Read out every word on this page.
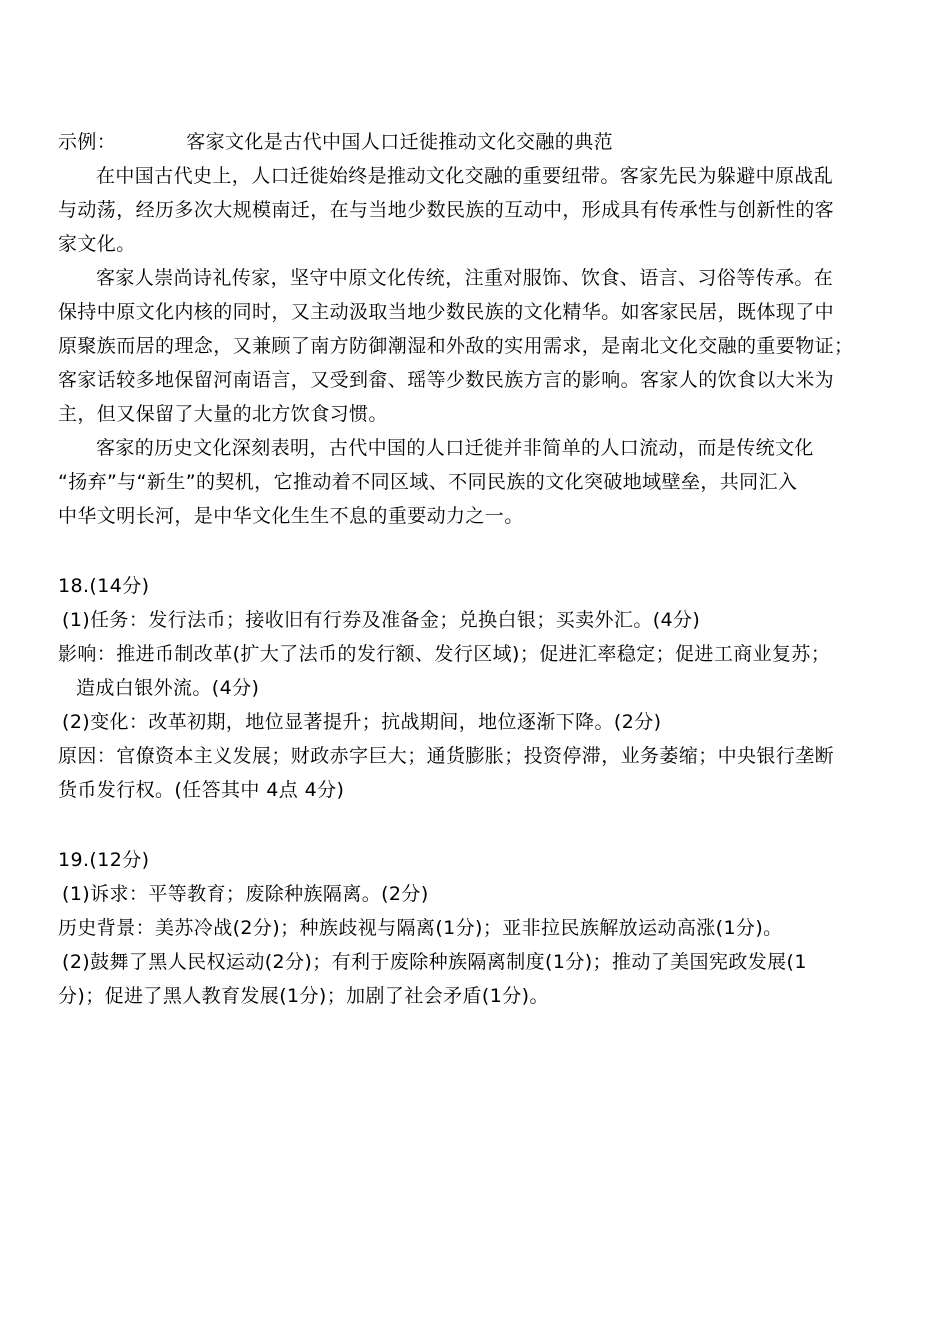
示例：	客家文化是古代中国人口迁徙推动文化交融的典范
在中国古代史上，人口迁徙始终是推动文化交融的重要纽带。客家先民为躲避中原战乱
与动荡，经历多次大规模南迁，在与当地少数民族的互动中，形成具有传承性与创新性的客
家文化。
客家人崇尚诗礼传家，坚守中原文化传统，注重对服饰、饮食、语言、习俗等传承。在
保持中原文化内核的同时，又主动汲取当地少数民族的文化精华。如客家民居，既体现了中
原聚族而居的理念，又兼顾了南方防御潮湿和外敌的实用需求，是南北文化交融的重要物证；
客家话较多地保留河南语言，又受到畲、瑶等少数民族方言的影响。客家人的饮食以大米为
主，但又保留了大量的北方饮食习惯。
客家的历史文化深刻表明，古代中国的人口迁徙并非简单的人口流动，而是传统文化
“扬弃”与“新生”的契机，它推动着不同区域、不同民族的文化突破地域壁垒，共同汇入
中华文明长河，是中华文化生生不息的重要动力之一。
18.(14分)
(1)任务：发行法币；接收旧有行券及准备金；兑换白银；买卖外汇。(4分)
影响：推进币制改革(扩大了法币的发行额、发行区域)；促进汇率稳定；促进工商业复苏；
造成白银外流。(4分)
(2)变化：改革初期，地位显著提升；抗战期间，地位逐渐下降。(2分)
原因：官僚资本主义发展；财政赤字巨大；通货膨胀；投资停滞，业务萎缩；中央银行垄断
货币发行权。(任答其中 4点 4分)
19.(12分)
(1)诉求：平等教育；废除种族隔离。(2分)
历史背景：美苏冷战(2分)；种族歧视与隔离(1分)；亚非拉民族解放运动高涨(1分)。
(2)鼓舞了黑人民权运动(2分)；有利于废除种族隔离制度(1分)；推动了美国宪政发展(1
分)；促进了黑人教育发展(1分)；加剧了社会矛盾(1分)。
